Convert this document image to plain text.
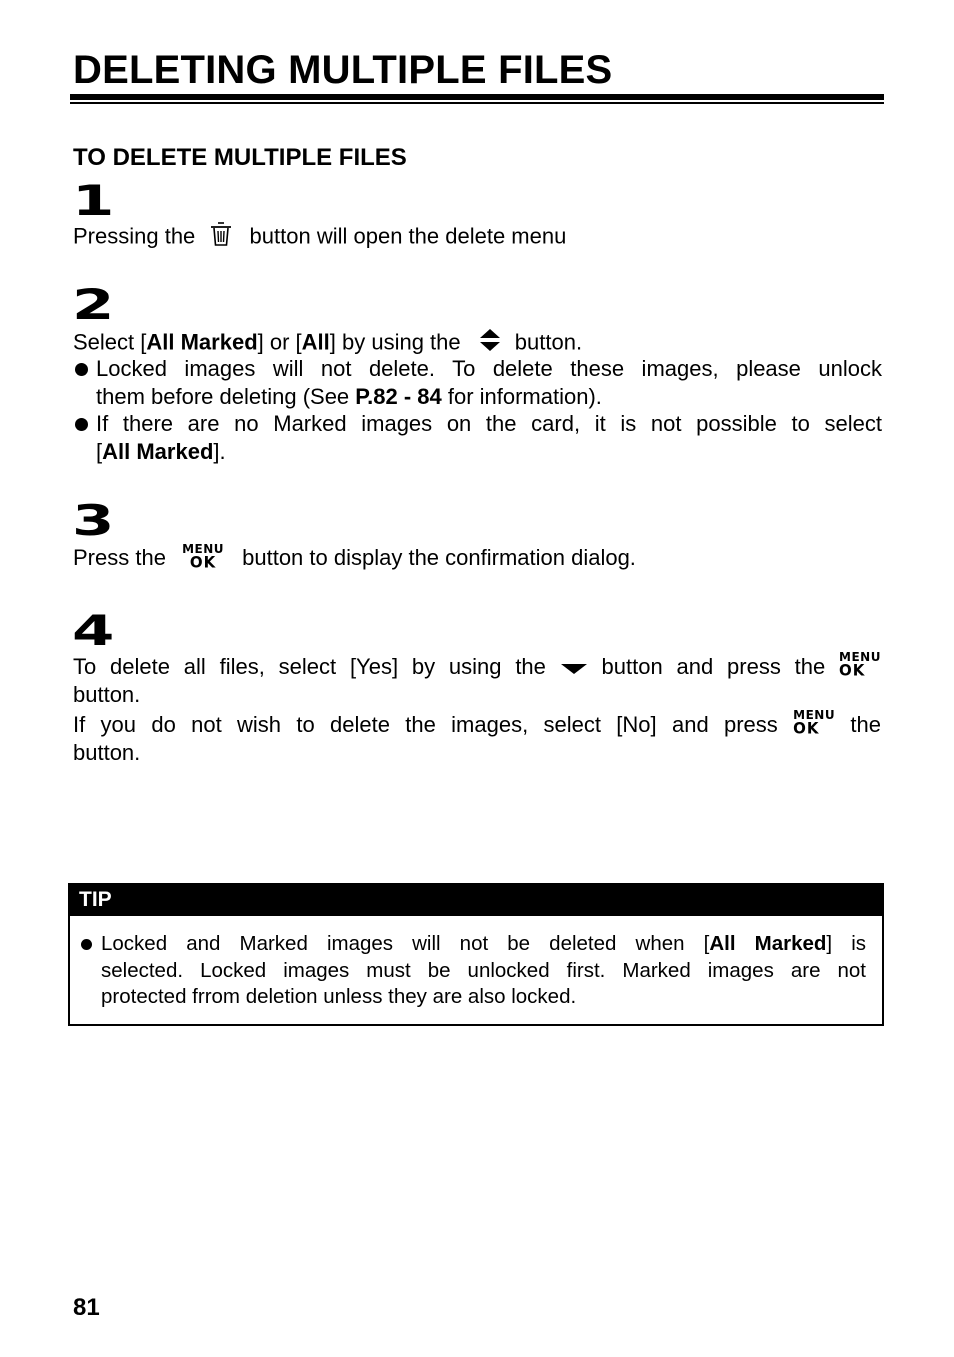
DELETING MULTIPLE FILES
TO DELETE MULTIPLE FILES
1
Pressing the button will open the delete menu
2
Select [All Marked] or [All] by using the button.
Locked images will not delete. To delete these images, please unlock
them before deleting (See P.82 - 84 for information).
If there are no Marked images on the card, it is not possible to select
[All Marked].
3
Press the MENU
OK	button to display the confirmation dialog.
4
To delete all files, select [Yes] by using the	button and press the MENU
OK
button.
If you do not wish to delete the images, select [No] and press MENU
OK	the
button.
TIP
Locked and Marked images will not be deleted when [All Marked] is
selected. Locked images must be unlocked first. Marked images are not
protected frrom deletion unless they are also locked.
81
